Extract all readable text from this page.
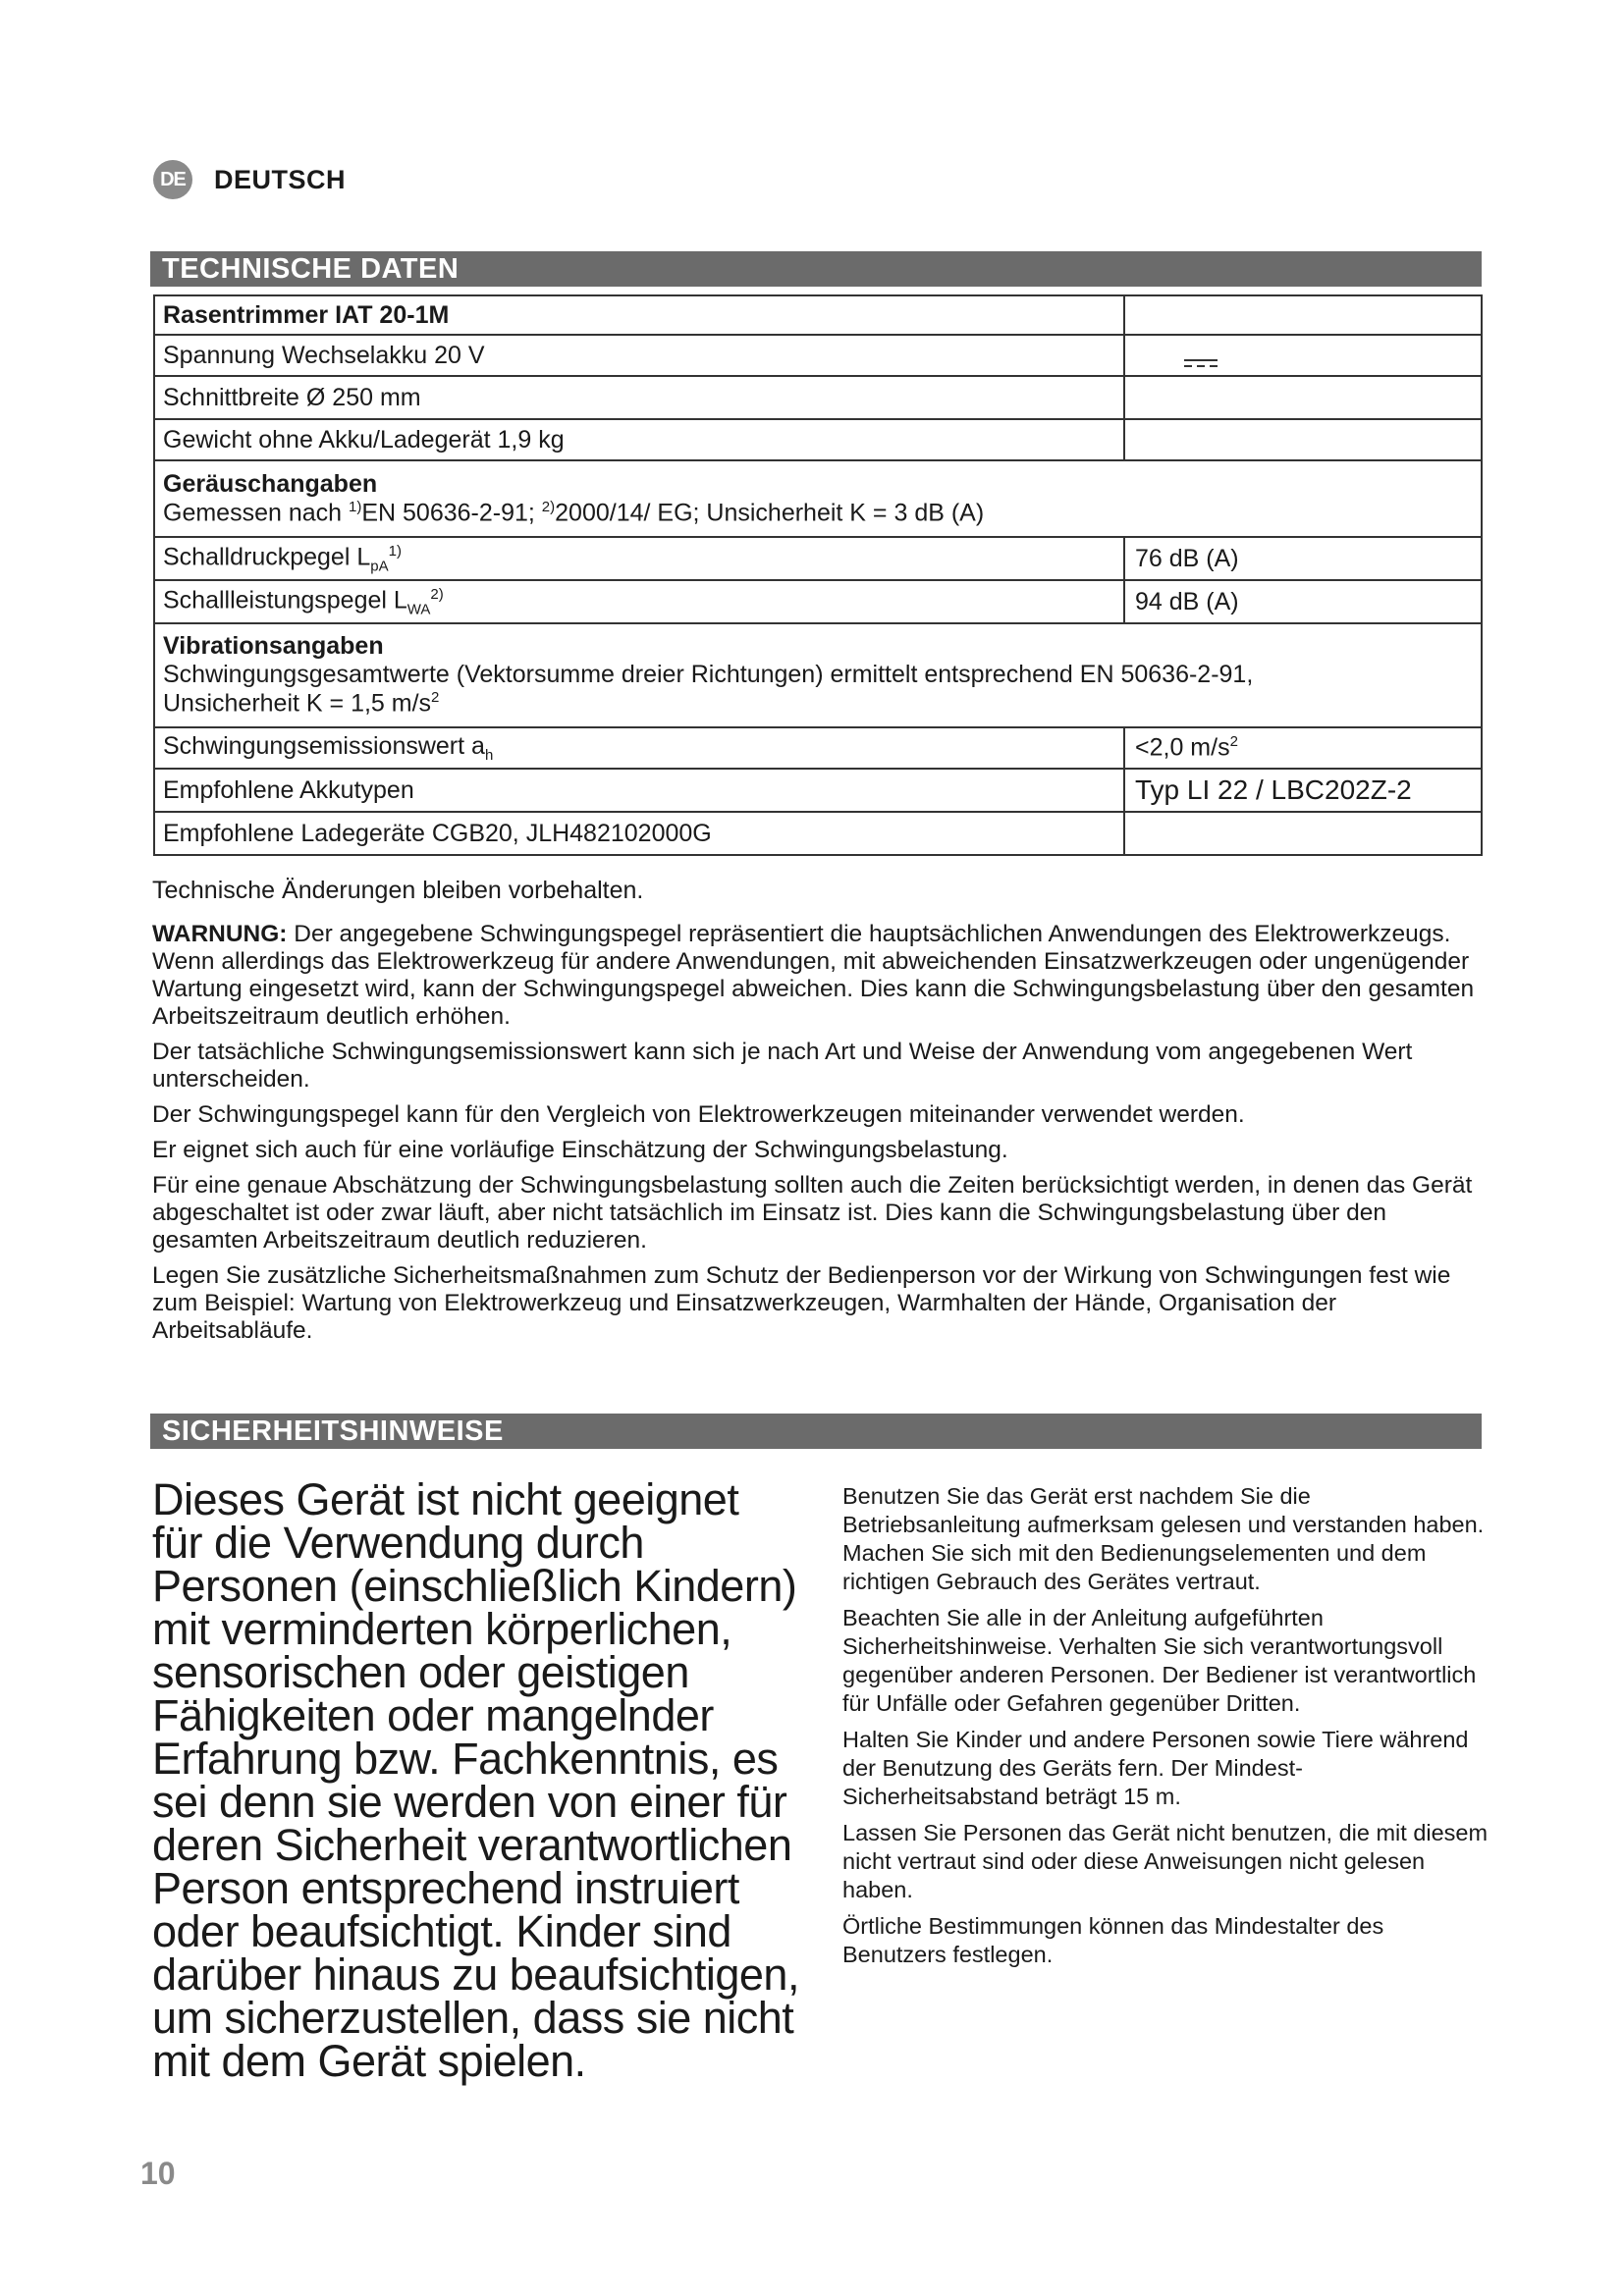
DE DEUTSCH
TECHNISCHE DATEN
Rasentrimmer IAT 20-1M	
Spannung Wechselakku 20 V	

Schnittbreite Ø 250 mm	
Gewicht ohne Akku/Ladegerät 1,9 kg	

Geräuschangaben
Gemessen nach $^{1)}$EN 50636-2-91; $^{2)}$2000/14/ EG; Unsicherheit K = 3 dB (A)	

Schalldruckpegel $L_{pA}^{1)}$	76 dB (A)
Schallleistungspegel $L_{WA}^{2)}$	94 dB (A)

Vibrationsangaben
Schwingungsgesamtwerte (Vektorsumme dreier Richtungen) ermittelt entsprechend EN 50636-2-91,
Unsicherheit K = 1,5 $m/s^2$

Schwingungsemissionswert $a_h$	<2,0 $m/s^2$
Empfohlene Akkutypen	Typ LI 22 / LBC202Z-2
Empfohlene Ladegeräte CGB20, JLH482102000G	
Technische Änderungen bleiben vorbehalten.

WARNUNG: Der angegebene Schwingungspegel repräsentiert die hauptsächlichen Anwendungen des Elektrowerkzeugs. Wenn allerdings das Elektrowerkzeug für andere Anwendungen, mit abweichenden Einsatzwerkzeugen oder ungenügender Wartung eingesetzt wird, kann der Schwingungspegel abweichen. Dies kann die Schwingungsbelastung über den gesamten Arbeitszeitraum deutlich erhöhen.

Der tatsächliche Schwingungsemissionswert kann sich je nach Art und Weise der Anwendung vom angegebenen Wert unterscheiden.

Der Schwingungspegel kann für den Vergleich von Elektrowerkzeugen miteinander verwendet werden.

Er eignet sich auch für eine vorläufige Einschätzung der Schwingungsbelastung.

Für eine genaue Abschätzung der Schwingungsbelastung sollten auch die Zeiten berücksichtigt werden, in denen das Gerät abgeschaltet ist oder zwar läuft, aber nicht tatsächlich im Einsatz ist. Dies kann die Schwingungsbelastung über den gesamten Arbeitszeitraum deutlich reduzieren.

Legen Sie zusätzliche Sicherheitsmaßnahmen zum Schutz der Bedienperson vor der Wirkung von Schwingungen fest wie zum Beispiel: Wartung von Elektrowerkzeug und Einsatzwerkzeugen, Warmhalten der Hände, Organisation der Arbeitsabläufe.

SICHERHEITSHINWEISE
Dieses Gerät ist nicht geeignet für die Verwendung durch Personen (einschließlich Kindern) mit verminderten körperlichen, sensorischen oder geistigen Fähigkeiten oder mangelnder Erfahrung bzw. Fachkenntnis, es sei denn sie werden von einer für deren Sicherheit verantwortlichen Person entsprechend instruiert oder beaufsichtigt. Kinder sind darüber hinaus zu beaufsichtigen, um sicherzustellen, dass sie nicht mit dem Gerät spielen.

Benutzen Sie das Gerät erst nachdem Sie die Betriebsanleitung aufmerksam gelesen und verstanden haben. Machen Sie sich mit den Bedienungselementen und dem richtigen Gebrauch des Gerätes vertraut.

Beachten Sie alle in der Anleitung aufgeführten Sicherheitshinweise. Verhalten Sie sich verantwortungsvoll gegenüber anderen Personen. Der Bediener ist verantwortlich für Unfälle oder Gefahren gegenüber Dritten.

Halten Sie Kinder und andere Personen sowie Tiere während der Benutzung des Geräts fern. Der Mindest-Sicherheitsabstand beträgt 15 m.

Lassen Sie Personen das Gerät nicht benutzen, die mit diesem nicht vertraut sind oder diese Anweisungen nicht gelesen haben.

Örtliche Bestimmungen können das Mindestalter des Benutzers festlegen.

10
